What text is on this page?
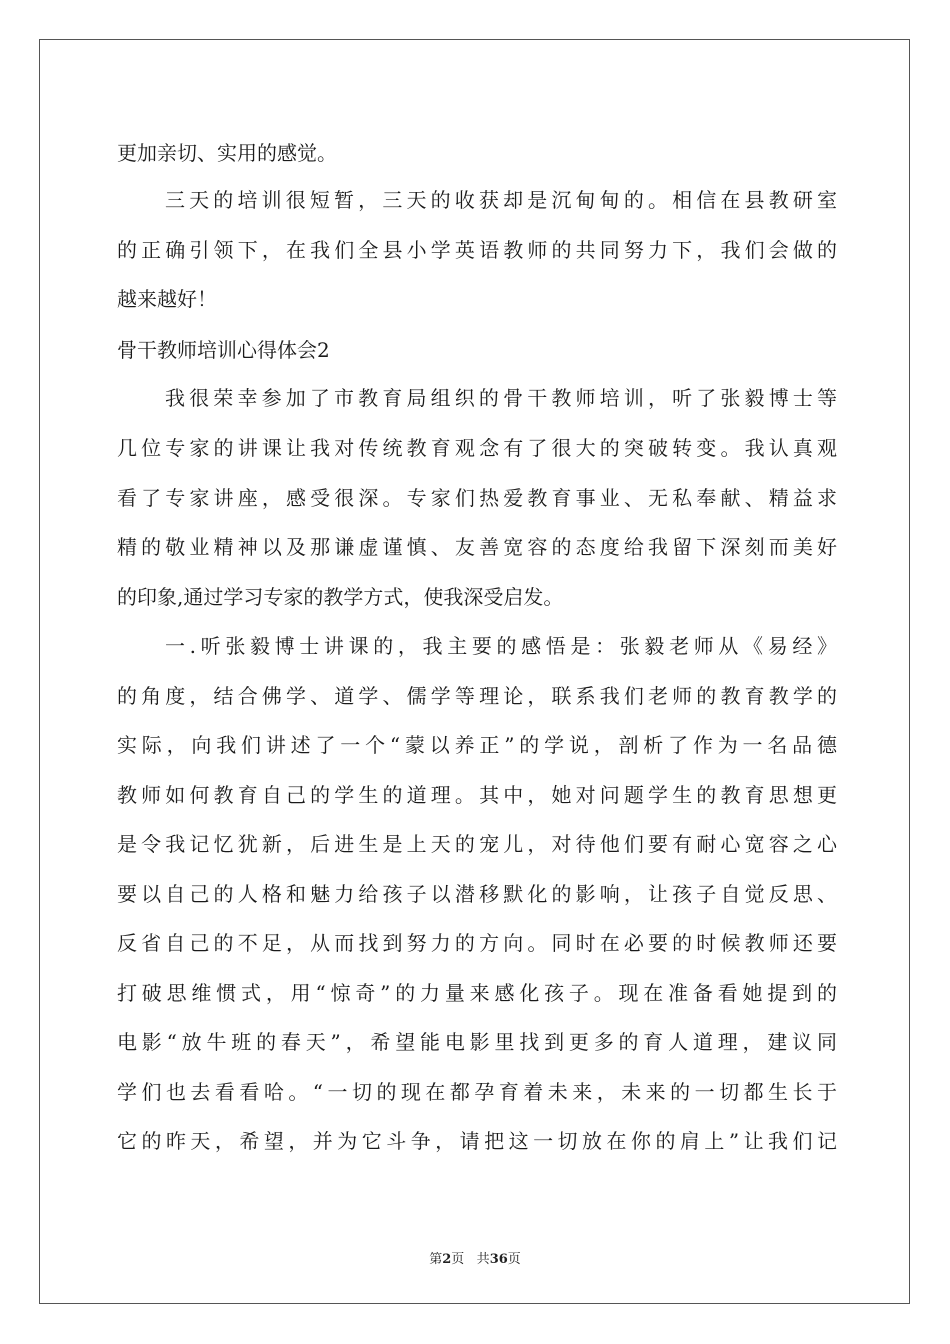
更加亲切、实用的感觉。
三天的培训很短暂，三天的收获却是沉甸甸的。相信在县教研室
的正确引领下，在我们全县小学英语教师的共同努力下，我们会做的
越来越好！
骨干教师培训心得体会2
我很荣幸参加了市教育局组织的骨干教师培训，听了张毅博士等
几位专家的讲课让我对传统教育观念有了很大的突破转变。我认真观
看了专家讲座，感受很深。专家们热爱教育事业、无私奉献、精益求
精的敬业精神以及那谦虚谨慎、友善宽容的态度给我留下深刻而美好
的印象,通过学习专家的教学方式，使我深受启发。
一.听张毅博士讲课的，我主要的感悟是：张毅老师从《易经》
的角度，结合佛学、道学、儒学等理论，联系我们老师的教育教学的
实际，向我们讲述了一个“蒙以养正”的学说，剖析了作为一名品德
教师如何教育自己的学生的道理。其中，她对问题学生的教育思想更
是令我记忆犹新，后进生是上天的宠儿，对待他们要有耐心宽容之心
要以自己的人格和魅力给孩子以潜移默化的影响，让孩子自觉反思、
反省自己的不足，从而找到努力的方向。同时在必要的时候教师还要
打破思维惯式，用“惊奇”的力量来感化孩子。现在准备看她提到的
电影“放牛班的春天”，希望能电影里找到更多的育人道理，建议同
学们也去看看哈。“一切的现在都孕育着未来，未来的一切都生长于
它的昨天，希望，并为它斗争，请把这一切放在你的肩上”让我们记
第2页 共36页
